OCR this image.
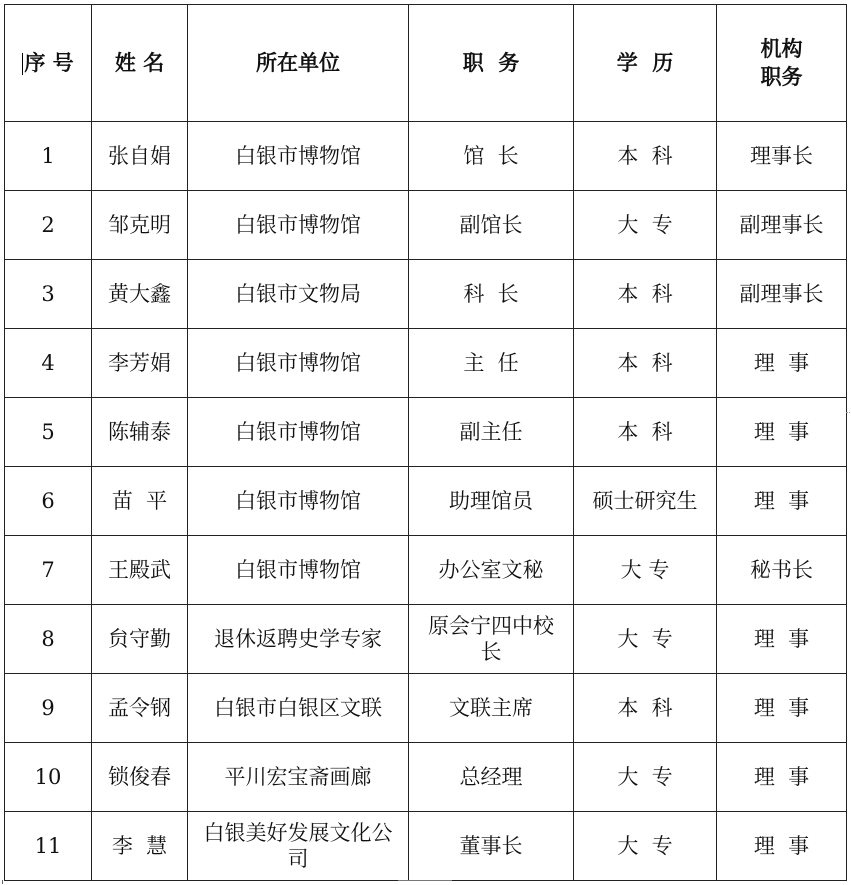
序 号	姓 名	所在单位	职  务	学  历	机构职务

1	张自娟	白银市博物馆	馆  长	本  科	理事长
2	邹克明	白银市博物馆	副馆长	大  专	副理事长
3	黄大鑫	白银市文物局	科  长	本  科	副理事长
4	李芳娟	白银市博物馆	主  任	本  科	理  事
5	陈辅泰	白银市博物馆	副主任	本  科	理  事
6	苗  平	白银市博物馆	助理馆员	硕士研究生	理  事
7	王殿武	白银市博物馆	办公室文秘	大 专	秘书长
8	贠守勤	退休返聘史学专家	原会宁四中校长	大  专	理  事
9	孟令钢	白银市白银区文联	文联主席	本  科	理  事
10	锁俊春	平川宏宝斋画廊	总经理	大  专	理  事
11	李  慧	白银美好发展文化公司	董事长	大  专	理  事
